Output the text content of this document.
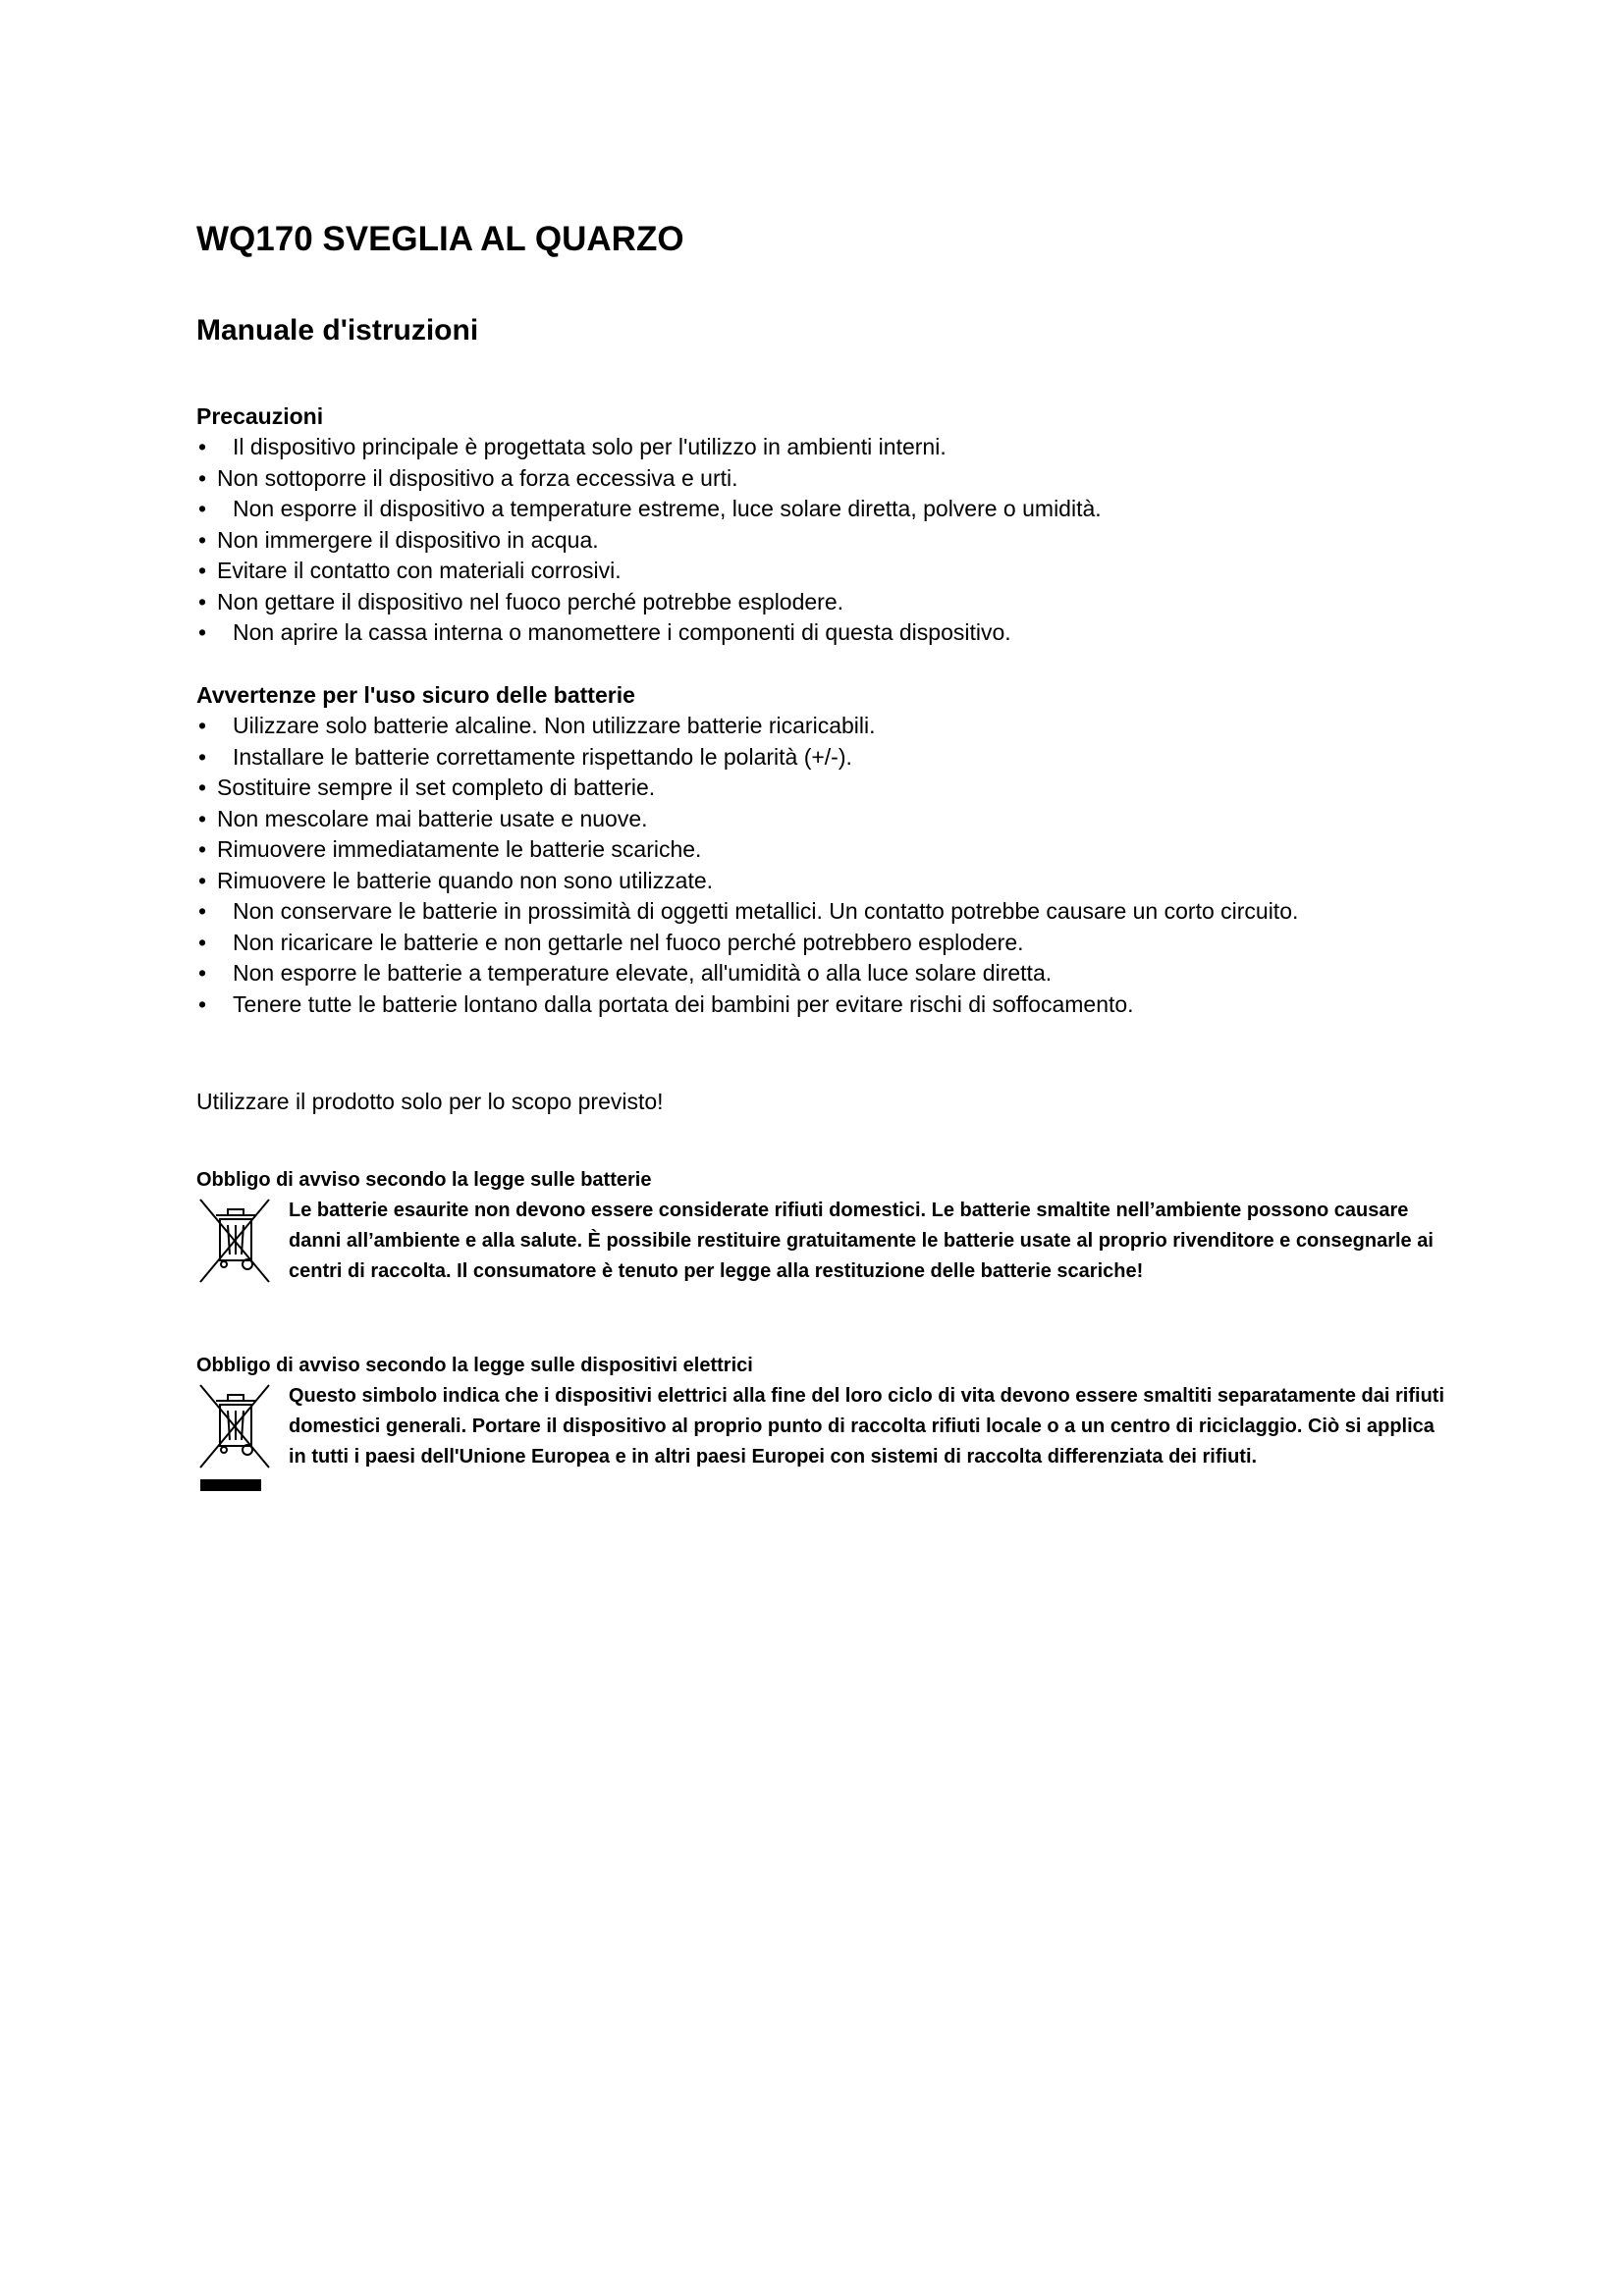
WQ170 SVEGLIA AL QUARZO
Manuale d'istruzioni
Precauzioni
• Il dispositivo principale è progettata solo per l'utilizzo in ambienti interni.
• Non sottoporre il dispositivo a forza eccessiva e urti.
• Non esporre il dispositivo a temperature estreme, luce solare diretta, polvere o umidità.
• Non immergere il dispositivo in acqua.
• Evitare il contatto con materiali corrosivi.
• Non gettare il dispositivo nel fuoco perché potrebbe esplodere.
• Non aprire la cassa interna o manomettere i componenti di questa dispositivo.
Avvertenze per l'uso sicuro delle batterie
• Uilizzare solo batterie alcaline. Non utilizzare batterie ricaricabili.
• Installare le batterie correttamente rispettando le polarità (+/-).
• Sostituire sempre il set completo di batterie.
• Non mescolare mai batterie usate e nuove.
• Rimuovere immediatamente le batterie scariche.
• Rimuovere le batterie quando non sono utilizzate.
• Non conservare le batterie in prossimità di oggetti metallici. Un contatto potrebbe causare un corto circuito.
• Non ricaricare le batterie e non gettarle nel fuoco perché potrebbero esplodere.
• Non esporre le batterie a temperature elevate, all'umidità o alla luce solare diretta.
• Tenere tutte le batterie lontano dalla portata dei bambini per evitare rischi di soffocamento.

Utilizzare il prodotto solo per lo scopo previsto!

Obbligo di avviso secondo la legge sulle batterie
Le batterie esaurite non devono essere considerate rifiuti domestici. Le batterie smaltite nell’ambiente possono causare danni all’ambiente e alla salute. È possibile restituire gratuitamente le batterie usate al proprio rivenditore e consegnarle ai centri di raccolta. Il consumatore è tenuto per legge alla restituzione delle batterie scariche!
Obbligo di avviso secondo la legge sulle dispositivi elettrici
Questo simbolo indica che i dispositivi elettrici alla fine del loro ciclo di vita devono essere smaltiti separatamente dai rifiuti domestici generali. Portare il dispositivo al proprio punto di raccolta rifiuti locale o a un centro di riciclaggio. Ciò si applica in tutti i paesi dell'Unione Europea e in altri paesi Europei con sistemi di raccolta differenziata dei rifiuti.
